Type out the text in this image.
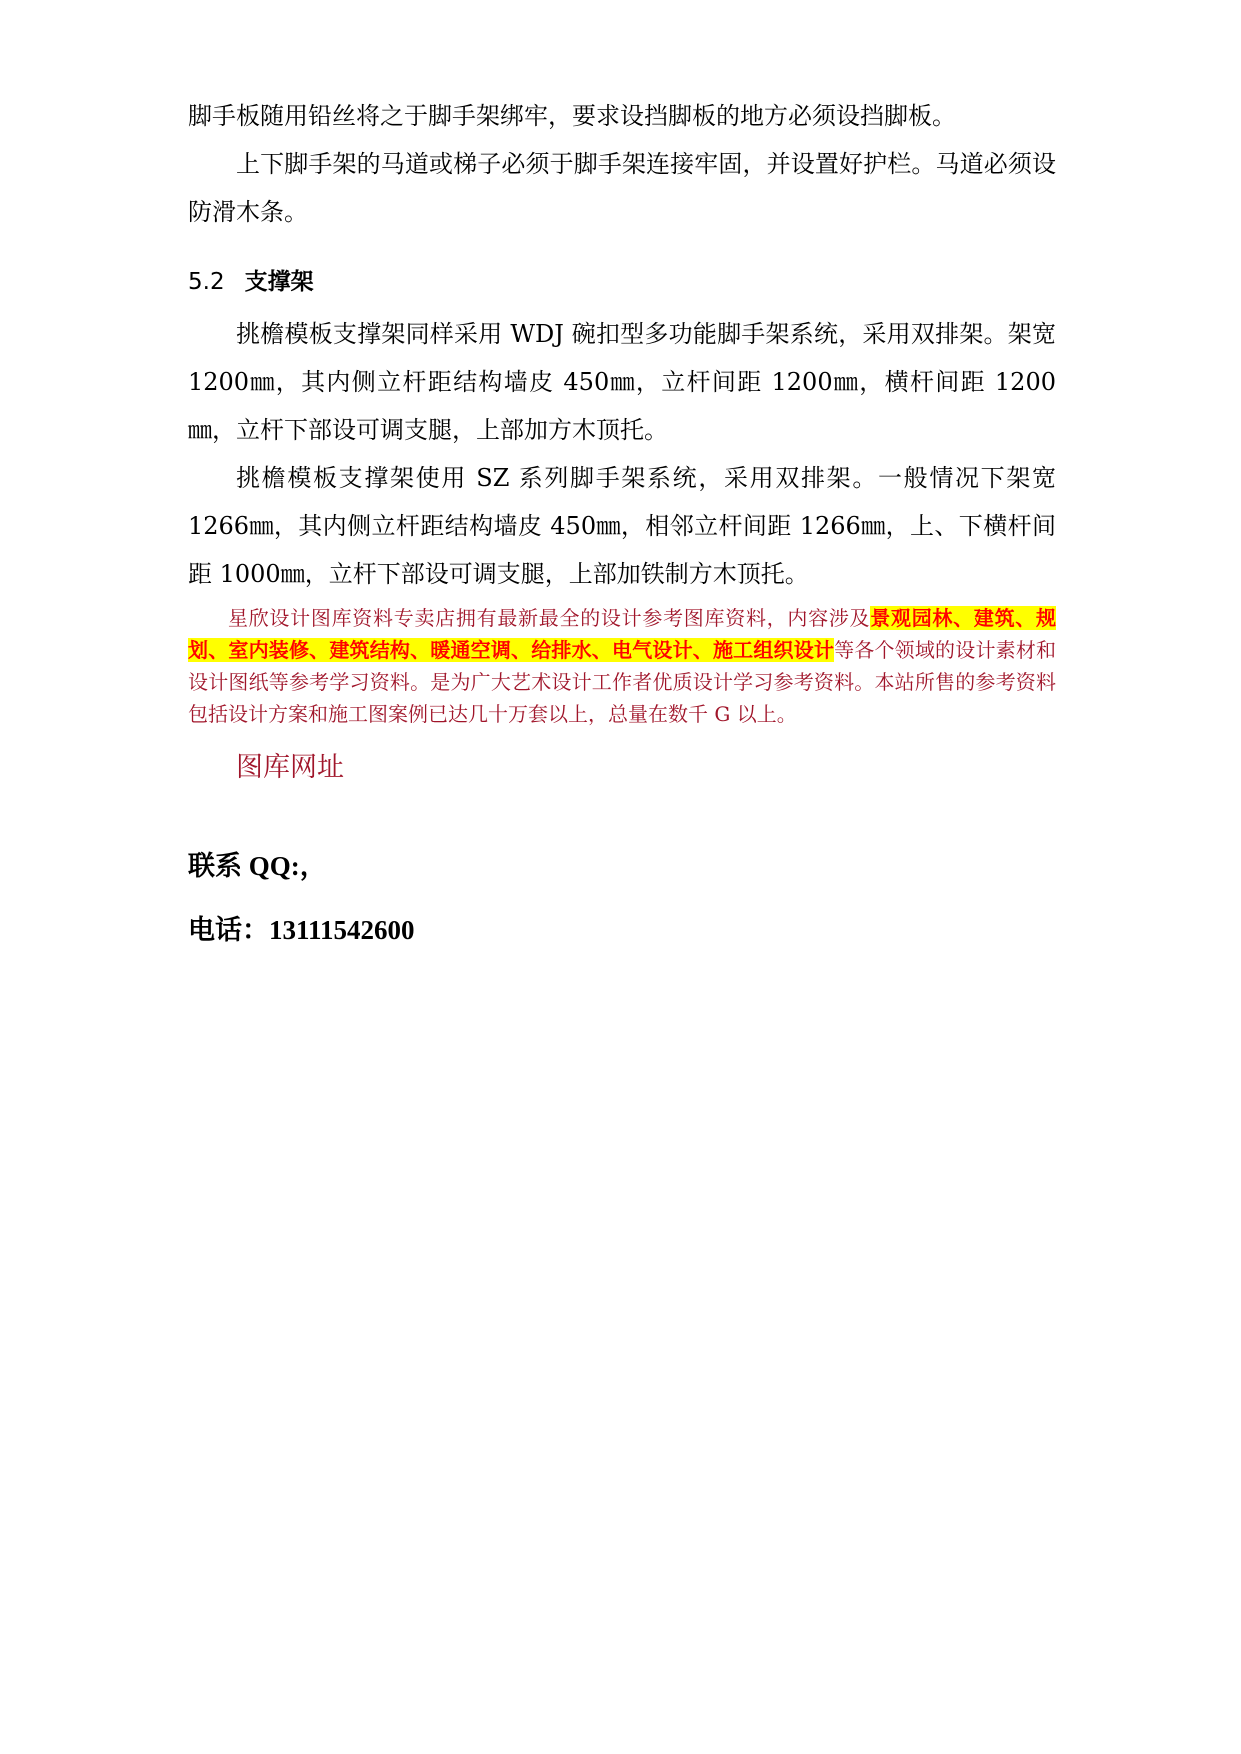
脚手板随用铅丝将之于脚手架绑牢，要求设挡脚板的地方必须设挡脚板。

上下脚手架的马道或梯子必须于脚手架连接牢固，并设置好护栏。马道必须设防滑木条。

5.2 支撑架

挑檐模板支撑架同样采用 WDJ 碗扣型多功能脚手架系统，采用双排架。架宽 1200㎜，其内侧立杆距结构墙皮 450㎜，立杆间距 1200㎜，横杆间距 1200㎜，立杆下部设可调支腿，上部加方木顶托。

挑檐模板支撑架使用 SZ 系列脚手架系统，采用双排架。一般情况下架宽 1266㎜，其内侧立杆距结构墙皮 450㎜，相邻立杆间距 1266㎜，上、下横杆间距 1000㎜，立杆下部设可调支腿，上部加铁制方木顶托。

星欣设计图库资料专卖店拥有最新最全的设计参考图库资料，内容涉及景观园林、建筑、规划、室内装修、建筑结构、暖通空调、给排水、电气设计、施工组织设计等各个领域的设计素材和设计图纸等参考学习资料。是为广大艺术设计工作者优质设计学习参考资料。本站所售的参考资料包括设计方案和施工图案例已达几十万套以上，总量在数千 G 以上。

图库网址

联系 QQ:，

电话：13111542600
